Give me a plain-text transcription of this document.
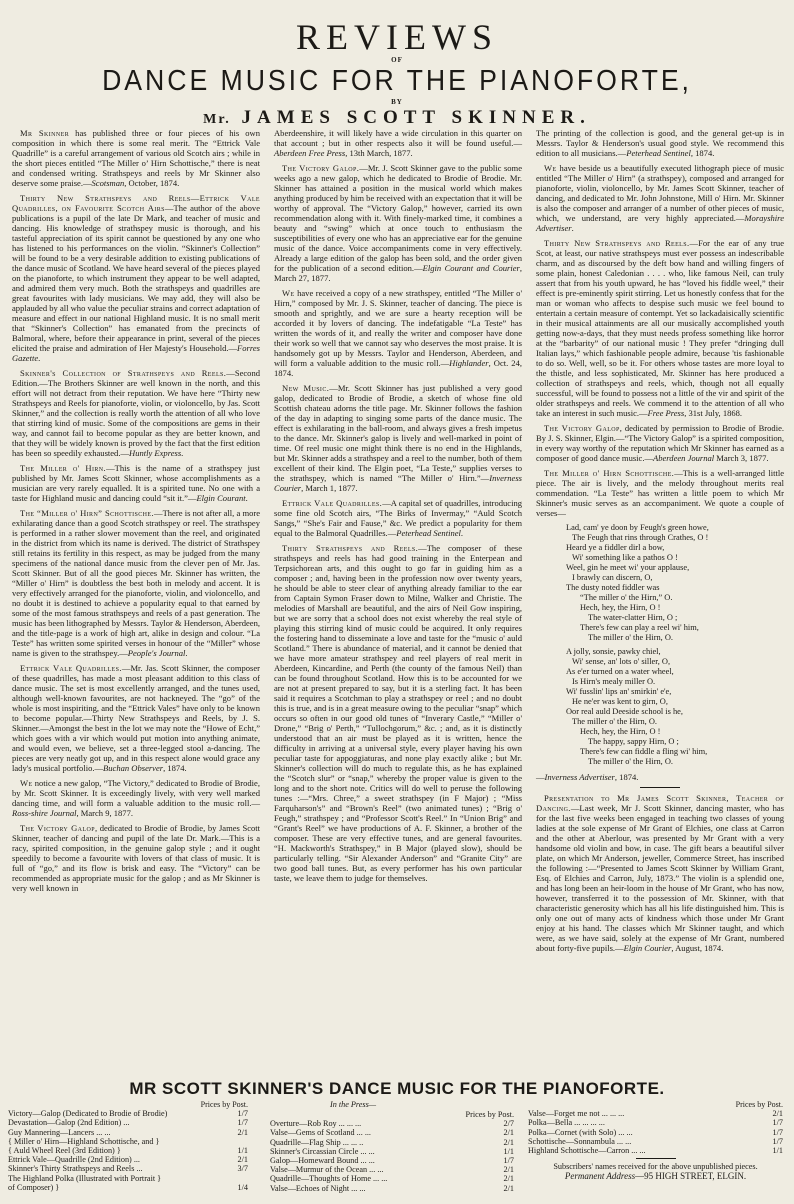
REVIEWS
OF
DANCE MUSIC FOR THE PIANOFORTE,
BY
Mr. JAMES SCOTT SKINNER.

Mr Skinner has published three or four pieces of his own composition in which there is some real merit. The “Ettrick Vale Quadrille” is a careful arrangement of various old Scotch airs ; while in the short pieces entitled “The Miller o’ Hirn Schottische,” there is neat and condensed writing. Strathspeys and reels by Mr Skinner also deserve some praise.—Scotsman, October, 1874.

Thirty New Strathspeys and Reels—Ettrick Vale Quadrilles, on Favourite Scotch Airs—The author of the above publications is a pupil of the late Dr Mark, and teacher of music and dancing. His knowledge of strathspey music is thorough, and his tasteful appreciation of its spirit cannot be questioned by any one who has listened to his performances on the violin. “Skinner's Collection” will be found to be a very desirable addition to existing publications of the dance music of Scotland. We have heard several of the pieces played on the pianoforte, to which instrument they appear to be well adapted, and admired them very much. Both the strathspeys and quadrilles are great favourites with lady musicians. We may add, they will also be applauded by all who value the peculiar strains and correct adaptation of measure and effect in our national Highland music. It is no small merit that “Skinner's Collection” has emanated from the precincts of Balmoral, where, before their appearance in print, several of the pieces elicited the praise and admiration of Her Majesty's Household.—Forres Gazette.

Skinner's Collection of Strathspeys and Reels.—Second Edition.—The Brothers Skinner are well known in the north, and this effort will not detract from their reputation. We have here “Thirty new Strathspeys and Reels for pianoforte, violin, or violoncello, by Jas. Scott Skinner,” and the collection is really worth the attention of all who love that stirring kind of music. Some of the compositions are gems in their way, and cannot fail to become popular as they are better known, and that they will be widely known is proved by the fact that the first edition has been so speedily exhausted.—Huntly Express.

The Miller o' Hirn.—This is the name of a strathspey just published by Mr. James Scott Skinner, whose accomplishments as a musician are very rarely equalled. It is a spirited tune. No one with a taste for Highland music and dancing could “sit it.”—Elgin Courant.

The “Miller o' Hirn” Schottische.—There is not after all, a more exhilarating dance than a good Scotch strathspey or reel. The strathspey is performed in a rather slower movement than the reel, and originated in the district from which its name is derived. The district of Strathspey still retains its fertility in this respect, as may be judged from the many specimens of the national dance music from the clever pen of Mr. Jas. Scott Skinner. But of all the good pieces Mr. Skinner has written, the “Miller o' Hirn” is doubtless the best both in melody and accent. It is very effectively arranged for the pianoforte, violin, and violoncello, and no doubt it is destined to achieve a popularity equal to that earned by some of the most famous strathspeys and reels of a past generation. The music has been lithographed by Messrs. Taylor & Henderson, Aberdeen, and the title-page is a work of high art, alike in design and colour. “La Teste” has written some spirited verses in honour of the “Miller” whose name is given to the strathspey.—People's Journal.

Ettrick Vale Quadrilles.—Mr. Jas. Scott Skinner, the composer of these quadrilles, has made a most pleasant addition to this class of dance music. The set is most excellently arranged, and the tunes used, although well-known favourites, are not hackneyed. The “go” of the whole is most inspiriting, and the “Ettrick Vales” have only to be known to become popular.—Thirty New Strathspeys and Reels, by J. S. Skinner.—Amongst the best in the lot we may note the “Howe of Echt,” which goes with a vir which would put motion into anything animate, and would even, we believe, set a three-legged stool a-dancing. The pieces are very neatly got up, and in this respect alone would grace any lady's musical portfolio.—Buchan Observer, 1874.

We notice a new galop, “The Victory,” dedicated to Brodie of Brodie, by Mr. Scott Skinner. It is exceedingly lively, with very well marked dancing time, and will form a valuable addition to the music roll.—Ross-shire Journal, March 9, 1877.

The Victory Galop, dedicated to Brodie of Brodie, by James Scott Skinner, teacher of dancing and pupil of the late Dr. Mark.—This is a racy, spirited composition, in the genuine galop style ; and it ought speedily to become a favourite with lovers of that class of music. It is full of “go,” and its flow is brisk and easy. The “Victory” can be recommended as appropriate music for the galop ; and as Mr Skinner is very well known in

Aberdeenshire, it will likely have a wide circulation in this quarter on that account ; but in other respects also it will be found useful.—Aberdeen Free Press, 13th March, 1877.

The Victory Galop.—Mr. J. Scott Skinner gave to the public some weeks ago a new galop, which he dedicated to Brodie of Brodie. Mr. Skinner has attained a position in the musical world which makes anything produced by him be received with an expectation that it will be worthy of approval. The “Victory Galop,” however, carried its own recommendation along with it. With finely-marked time, it combines a beauty and “swing” which at once touch to enthusiasm the susceptibilities of every one who has an appreciative ear for the genuine music of the dance. Voice accompaniments come in very effectively. Already a large edition of the galop has been sold, and the order given for the publication of a second edition.—Elgin Courant and Courier, March 27, 1877.

We have received a copy of a new strathspey, entitled “The Miller o' Hirn,” composed by Mr. J. S. Skinner, teacher of dancing. The piece is smooth and sprightly, and we are sure a hearty reception will be accorded it by lovers of dancing. The indefatigable “La Teste” has written the words of it, and really the writer and composer have done their work so well that we cannot say who deserves the most praise. It is handsomely got up by Messrs. Taylor and Henderson, Aberdeen, and will form a valuable addition to the music roll.—Highlander, Oct. 24, 1874.

New Music.—Mr. Scott Skinner has just published a very good galop, dedicated to Brodie of Brodie, a sketch of whose fine old Scottish chateau adorns the title page. Mr. Skinner follows the fashion of the day in adapting to singing some parts of the dance music. The effect is exhilarating in the ball-room, and always gives a fresh impetus to the dance. Mr. Skinner's galop is lively and well-marked in point of time. Of reel music one might think there is no end in the Highlands, but Mr. Skinner adds a strathspey and a reel to the number, both of them excellent of their kind. The Elgin poet, “La Teste,” supplies verses to the strathspey, which is named “The Miller o' Hirn.”—Inverness Courier, March 1, 1877.

Ettrick Vale Quadrilles.—A capital set of quadrilles, introducing some fine old Scotch airs, “The Birks of Invermay,” “Auld Scotch Sangs,” “She's Fair and Fause,” &c. We predict a popularity for them equal to the Balmoral Quadrilles.—Peterhead Sentinel.

Thirty Strathspeys and Reels.—The composer of these strathspeys and reels has had good training in the Enterpean and Terpsichorean arts, and this ought to go far in guiding him as a composer ; and, having been in the profession now over twenty years, he should be able to steer clear of anything already familiar to the ear from Captain Symon Fraser down to Milne, Walker and Christie. The melodies of Marshall are beautiful, and the airs of Neil Gow inspiring, but we are sorry that a school does not exist whereby the real style of playing this stirring kind of music could be acquired. It only requires the fostering hand to disseminate a love and taste for the “music o' auld Scotland.” There is abundance of material, and it cannot be denied that we have more amateur strathspey and reel players of real merit in Aberdeen, Kincardine, and Perth (the county of the famous Neil) than can be found throughout Scotland. How this is to be accounted for we are not at present prepared to say, but it is a sterling fact. It has been said it requires a Scotchman to play a strathspey or reel ; and no doubt this is true, and is in a great measure owing to the peculiar “snap” which occurs so often in our good old tunes of “Inverary Castle,” “Miller o' Drone,” “Brig o' Perth,” “Tullochgorum,” &c. ; and, as it is distinctly understood that an air must be played as it is written, hence the difficulty in arriving at a universal style, every player having his own peculiar taste for appoggiaturas, and none play exactly alike ; but Mr. Skinner's collection will do much to regulate this, as he has explained the “Scotch slur” or “snap,” whereby the proper value is given to the long and to the short note. Critics will do well to peruse the following tunes :—“Mrs. Chree,” a sweet strathspey (in F Major) ; “Miss Farquharson's” and “Brown's Reel” (two animated tunes) ; “Brig o' Feugh,” strathspey ; and “Professor Scott's Reel.” In “Union Brig” and “Grant's Reel” we have productions of A. F. Skinner, a brother of the composer. These are very effective tunes, and are general favourites. “H. Mackworth's Strathspey,” in B Major (played slow), should be particularly telling. “Sir Alexander Anderson” and “Granite City” are two good ball tunes. But, as every performer has his own particular taste, we leave them to judge for themselves.

The printing of the collection is good, and the general get-up is in Messrs. Taylor & Henderson's usual good style. We recommend this edition to all musicians.—Peterhead Sentinel, 1874.

We have beside us a beautifully executed lithograph piece of music entitled “The Miller o' Hirn” (a strathspey), composed and arranged for pianoforte, violin, violoncello, by Mr. James Scott Skinner, teacher of dancing, and dedicated to Mr. John Johnstone, Mill o' Hirn. Mr. Skinner is also the composer and arranger of a number of other pieces of music, which, we understand, are very highly appreciated.—Morayshire Advertiser.

Thirty New Strathspeys and Reels.—For the ear of any true Scot, at least, our native strathspeys must ever possess an indescribable charm, and as discoursed by the deft bow hand and willing fingers of some plain, honest Caledonian . . . . who, like famous Neil, can truly assert that from his youth upward, he has “loved his fiddle weel,” their effect is pre-eminently spirit stirring. Let us honestly confess that for the man or woman who affects to despise such music we feel bound to entertain a certain measure of contempt. Yet so lackadaisically scientific in their musical attainments are all our musically accomplished youth getting now-a-days, that they must needs profess something like horror at the “barbarity” of our national music ! They prefer “dringing dull Italian lays,” which fashionable people admire, because 'tis fashionable to do so. Well, well, so be it. For others whose tastes are more loyal to the thistle, and less sophisticated, Mr. Skinner has here produced a collection of strathspeys and reels, which, though not all equally successful, will be found to possess not a little of the vir and spirit of the older strathspeys and reels. We commend it to the attention of all who take an interest in such music.—Free Press, 31st July, 1868.

The Victory Galop, dedicated by permission to Brodie of Brodie. By J. S. Skinner, Elgin.—“The Victory Galop” is a spirited composition, in every way worthy of the reputation which Mr Skinner has earned as a composer of good dance music.—Aberdeen Journal March 3, 1877.

The Miller o' Hirn Schottische.—This is a well-arranged little piece. The air is lively, and the melody throughout merits real commendation. “La Teste” has written a little poem to which Mr Skinner's music serves as an accompaniment. We quote a couple of verses—

Lad, cam' ye doon by Feugh's green howe,
The Feugh that rins through Crathes, O !
Heard ye a fiddler dirl a bow,
Wi' something like a pathos O !
Weel, gin he meet wi' your applause,
I brawly can discern, O,
The dusty noted fiddler was
“The miller o' the Hirn,” O.
Hech, hey, the Hirn, O !
The water-clatter Hirn, O ;
There's few can play a reel wi' him,
The miller o' the Hirn, O.
A jolly, sonsie, pawky chiel,
Wi' sense, an' lots o' siller, O,
As e'er turned on a water wheel,
Is Hirn's mealy miller O.
Wi' fusslin' lips an' smirkin' e'e,
He ne'er was kent to girn, O,
Oor real auld Deeside school is he,
The miller o' the Hirn, O.
Hech, hey, the Hirn, O !
The happy, sappy Hirn, O ;
There's few can fiddle a fling wi' him,
The miller o' the Hirn, O.

—Inverness Advertiser, 1874.

Presentation to Mr James Scott Skinner, Teacher of Dancing.—Last week, Mr J. Scott Skinner, dancing master, who has for the last five weeks been engaged in teaching two classes of young ladies at the sole expense of Mr Grant of Elchies, one class at Carron and the other at Aberlour, was presented by Mr Grant with a very handsome old violin and bow, in case. The gift bears a beautiful silver plate, on which Mr Anderson, jeweller, Commerce Street, has inscribed the following :—“Presented to James Scott Skinner by William Grant, Esq. of Elchies and Carron, July, 1873.” The violin is a splendid one, and has long been an heir-loom in the house of Mr Grant, who has now, however, transferred it to the possession of Mr. Skinner, with that characteristic generosity which has all his life distinguished him. This is only one out of many acts of kindness which those under Mr Grant enjoy at his hand. The classes which Mr Skinner taught, and which were, as we have said, solely at the expense of Mr Grant, numbered about forty-five pupils.—Elgin Courier, August, 1874.

MR SCOTT SKINNER'S DANCE MUSIC FOR THE PIANOFORTE.
Prices by Post.
Victory—Galop (Dedicated to Brodie of Brodie)	1/7
Devastation—Galop (2nd Edition) ...	1/7
Guy Mannering—Lancers ... ...	2/1
{ Miller o' Hirn—Highland Schottische, and }
{ Auld Wheel Reel (3rd Edition) }	1/1
Ettrick Vale—Quadrille (2nd Edition) ...	2/1
Skinner's Thirty Strathspeys and Reels ...	3/7
The Highland Polka (Illustrated with Portrait }
of Composer) }	1/4
In the Press—
Prices by Post.
Overture—Rob Roy ... ... ...	2/7
Valse—Gems of Scotland ... ...	2/1
Quadrille—Flag Ship ... ... ..	2/1
Skinner's Circassian Circle ... ...	1/1
Galop—Homeward Bound ... ...	1/7
Valse—Murmur of the Ocean ... ...	2/1
Quadrille—Thoughts of Home ... ...	2/1
Valse—Echoes of Night ... ...	2/1
Prices by Post.
Valse—Forget me not ... ... ...	2/1
Polka—Bella ... ... ... ...	1/7
Polka—Cornet (with Solo) ... ...	1/7
Schottische—Sonnambula ... ...	1/7
Highland Schottische—Carron ... ...	1/1
Subscribers' names received for the above unpublished pieces.
Permanent Address—95 HIGH STREET, ELGIN.
